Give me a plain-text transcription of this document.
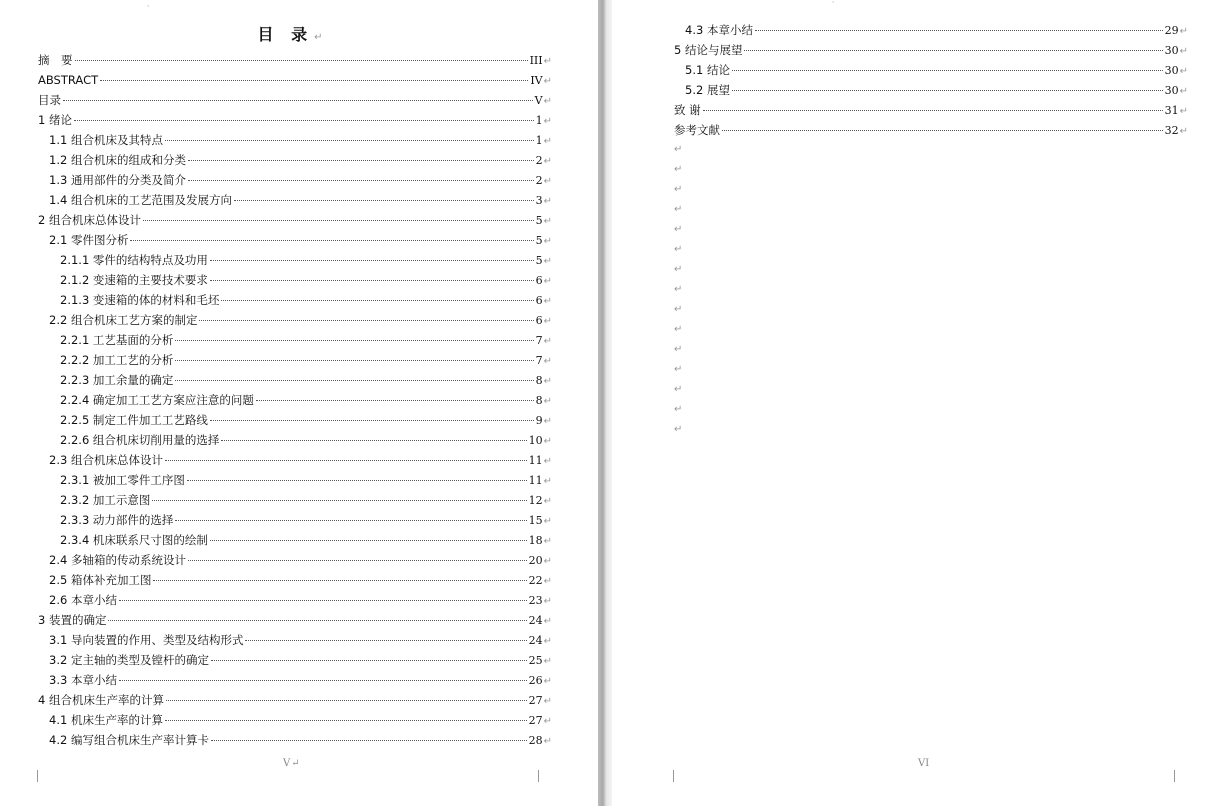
'
目 录↵
摘　要	III ↵
ABSTRACT	IV ↵
目录	V ↵
1 绪论	1 ↵
1.1 组合机床及其特点	1 ↵
1.2 组合机床的组成和分类	2 ↵
1.3 通用部件的分类及简介	2 ↵
1.4 组合机床的工艺范围及发展方向	3 ↵
2 组合机床总体设计	5 ↵
2.1 零件图分析	5 ↵
2.1.1 零件的结构特点及功用	5 ↵
2.1.2 变速箱的主要技术要求	6 ↵
2.1.3 变速箱的体的材料和毛坯	6 ↵
2.2 组合机床工艺方案的制定	6 ↵
2.2.1 工艺基面的分析	7 ↵
2.2.2 加工工艺的分析	7 ↵
2.2.3 加工余量的确定	8 ↵
2.2.4 确定加工工艺方案应注意的问题	8 ↵
2.2.5 制定工件加工工艺路线	9 ↵
2.2.6 组合机床切削用量的选择	10 ↵
2.3 组合机床总体设计	11 ↵
2.3.1 被加工零件工序图	11 ↵
2.3.2 加工示意图	12 ↵
2.3.3 动力部件的选择	15 ↵
2.3.4 机床联系尺寸图的绘制	18 ↵
2.4 多轴箱的传动系统设计	20 ↵
2.5 箱体补充加工图	22 ↵
2.6 本章小结	23 ↵
3 装置的确定	24 ↵
3.1 导向装置的作用、类型及结构形式	24 ↵
3.2 定主轴的类型及镗杆的确定	25 ↵
3.3 本章小结	26 ↵
4 组合机床生产率的计算	27 ↵
4.1 机床生产率的计算	27 ↵
4.2 编写组合机床生产率计算卡	28 ↵
V↵
'
4.3 本章小结	29 ↵
5 结论与展望	30 ↵
5.1 结论	30 ↵
5.2 展望	30 ↵
致 谢	31 ↵
参考文献	32 ↵
↵
↵
↵
↵
↵
↵
↵
↵
↵
↵
↵
↵
↵
↵
↵
VI
